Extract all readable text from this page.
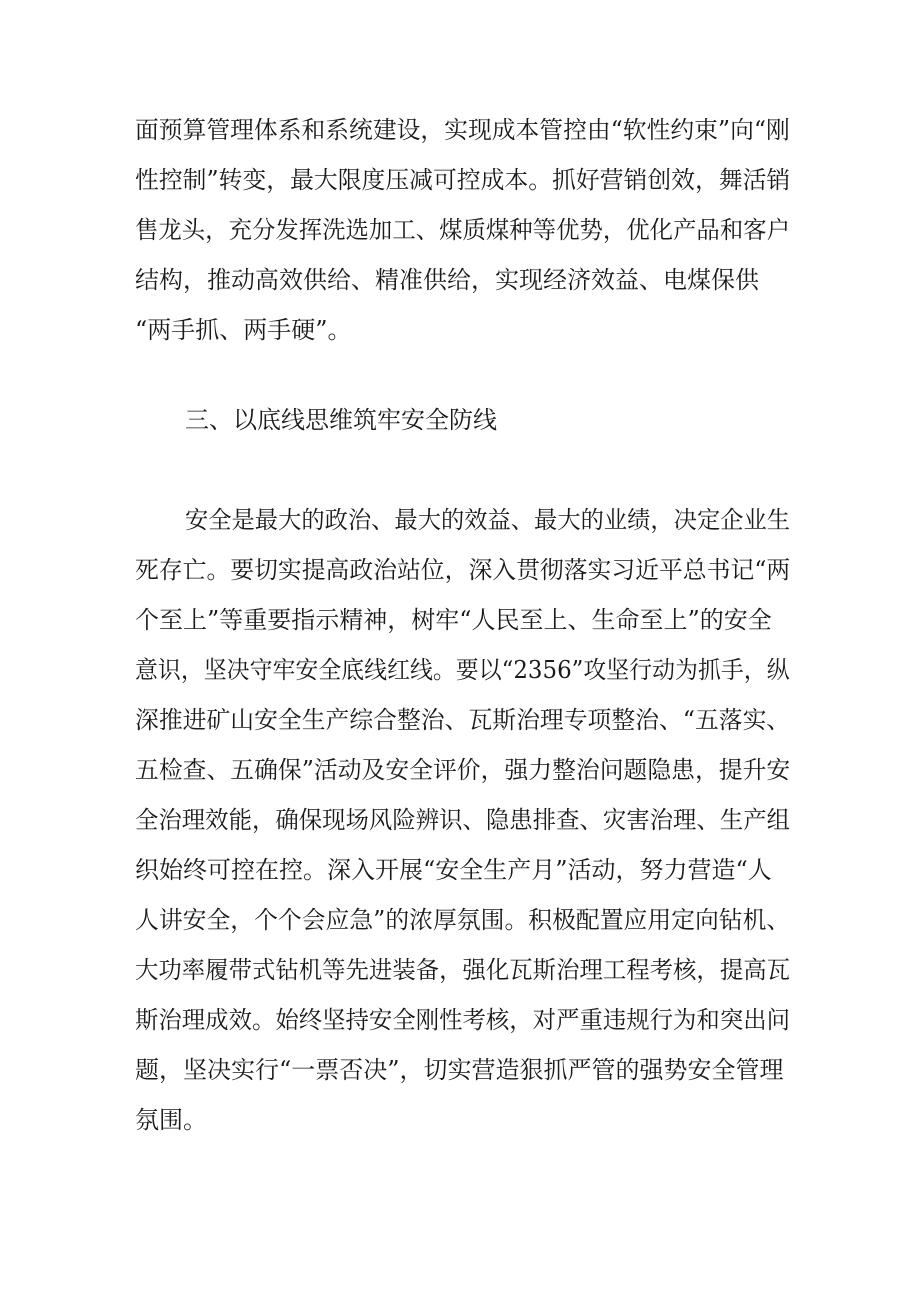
面预算管理体系和系统建设，实现成本管控由“软性约束”向“刚
性控制”转变，最大限度压减可控成本。抓好营销创效，舞活销
售龙头，充分发挥洗选加工、煤质煤种等优势，优化产品和客户
结构，推动高效供给、精准供给，实现经济效益、电煤保供
“两手抓、两手硬”。
三、以底线思维筑牢安全防线
安全是最大的政治、最大的效益、最大的业绩，决定企业生
死存亡。要切实提高政治站位，深入贯彻落实习近平总书记“两
个至上”等重要指示精神，树牢“人民至上、生命至上”的安全
意识，坚决守牢安全底线红线。要以“2356”攻坚行动为抓手，纵
深推进矿山安全生产综合整治、瓦斯治理专项整治、“五落实、
五检查、五确保”活动及安全评价，强力整治问题隐患，提升安
全治理效能，确保现场风险辨识、隐患排查、灾害治理、生产组
织始终可控在控。深入开展“安全生产月”活动，努力营造“人
人讲安全，个个会应急”的浓厚氛围。积极配置应用定向钻机、
大功率履带式钻机等先进装备，强化瓦斯治理工程考核，提高瓦
斯治理成效。始终坚持安全刚性考核，对严重违规行为和突出问
题，坚决实行“一票否决”，切实营造狠抓严管的强势安全管理
氛围。
